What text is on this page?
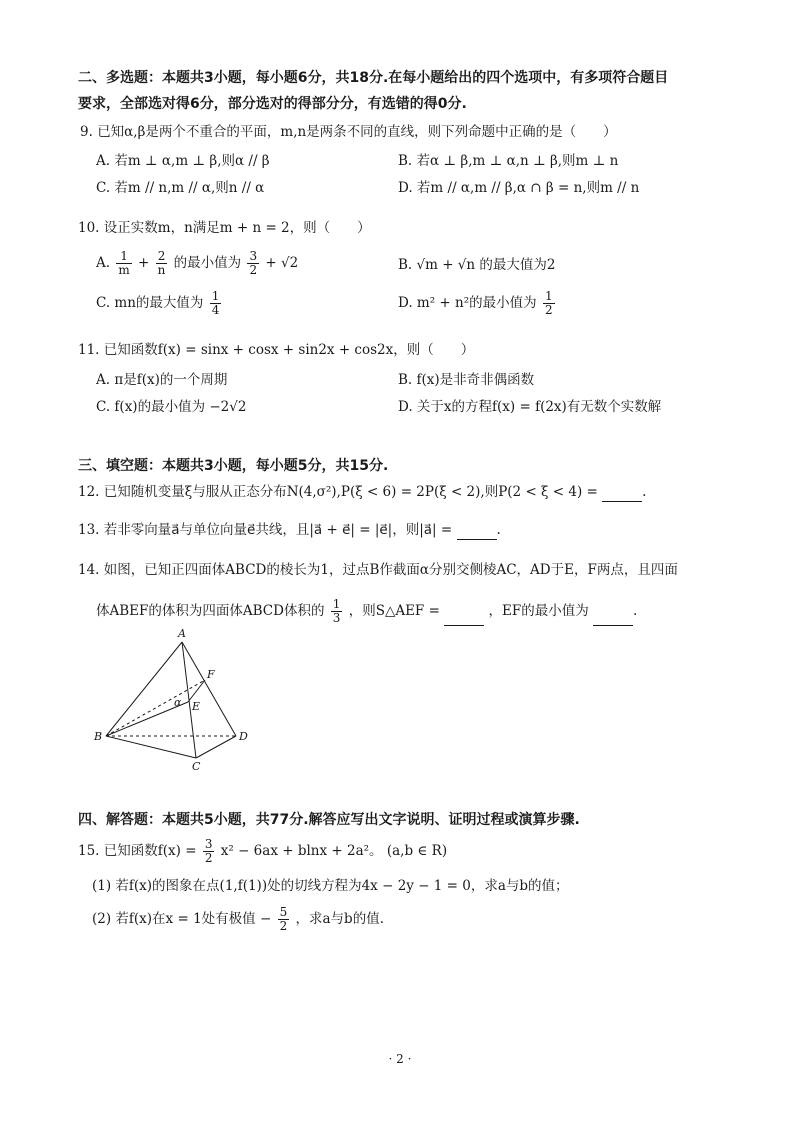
二、多选题：本题共3小题，每小题6分，共18分.在每小题给出的四个选项中，有多项符合题目
要求，全部选对得6分，部分选对的得部分分，有选错的得0分.
9. 已知α,β是两个不重合的平面，m,n是两条不同的直线，则下列命题中正确的是（　　）
A. 若m ⊥ α,m ⊥ β,则α // β	B. 若α ⊥ β,m ⊥ α,n ⊥ β,则m ⊥ n
C. 若m // n,m // α,则n // α	D. 若m // α,m // β,α ∩ β = n,则m // n
10. 设正实数m，n满足m + n = 2，则（　　）
A. $\frac{1}{m} + \frac{2}{n}$ 的最小值为 $\frac{3}{2} + √2$	B. √m + √n 的最大值为2
C. mn的最大值为 $\frac{1}{4}$	D. m² + n²的最小值为 $\frac{1}{2}$
11. 已知函数f(x) = sinx + cosx + sin2x + cos2x，则（　　）
A. π是f(x)的一个周期	B. f(x)是非奇非偶函数
C. f(x)的最小值为 −2√2	D. 关于x的方程f(x) = f(2x)有无数个实数解
三、填空题：本题共3小题，每小题5分，共15分.
12. 已知随机变量ξ与服从正态分布N(4,σ²),P(ξ < 6) = 2P(ξ < 2),则P(2 < ξ < 4) =	.
13. 若非零向量a⃗与单位向量e⃗共线，且|a⃗ + e⃗| = |e⃗|，则|a⃗| =	.
14. 如图，已知正四面体ABCD的棱长为1，过点B作截面α分别交侧棱AC，AD于E，F两点，且四面
体ABEF的体积为四面体ABCD体积的 $\frac{1}{3}$ ，则S△AEF =	，EF的最小值为	.
A
B
C
D
E
F
α
四、解答题：本题共5小题，共77分.解答应写出文字说明、证明过程或演算步骤.
15. 已知函数$f(x) = \frac{3}{2} x^2 - 6ax + blnx + 2a^2$。 (a,b ∈ R)
(1) 若f(x)的图象在点(1,f(1))处的切线方程为4x − 2y − 1 = 0，求a与b的值；
(2) 若f(x)在x = 1处有极值 − $\frac{5}{2}$ ，求a与b的值.
· 2 ·
